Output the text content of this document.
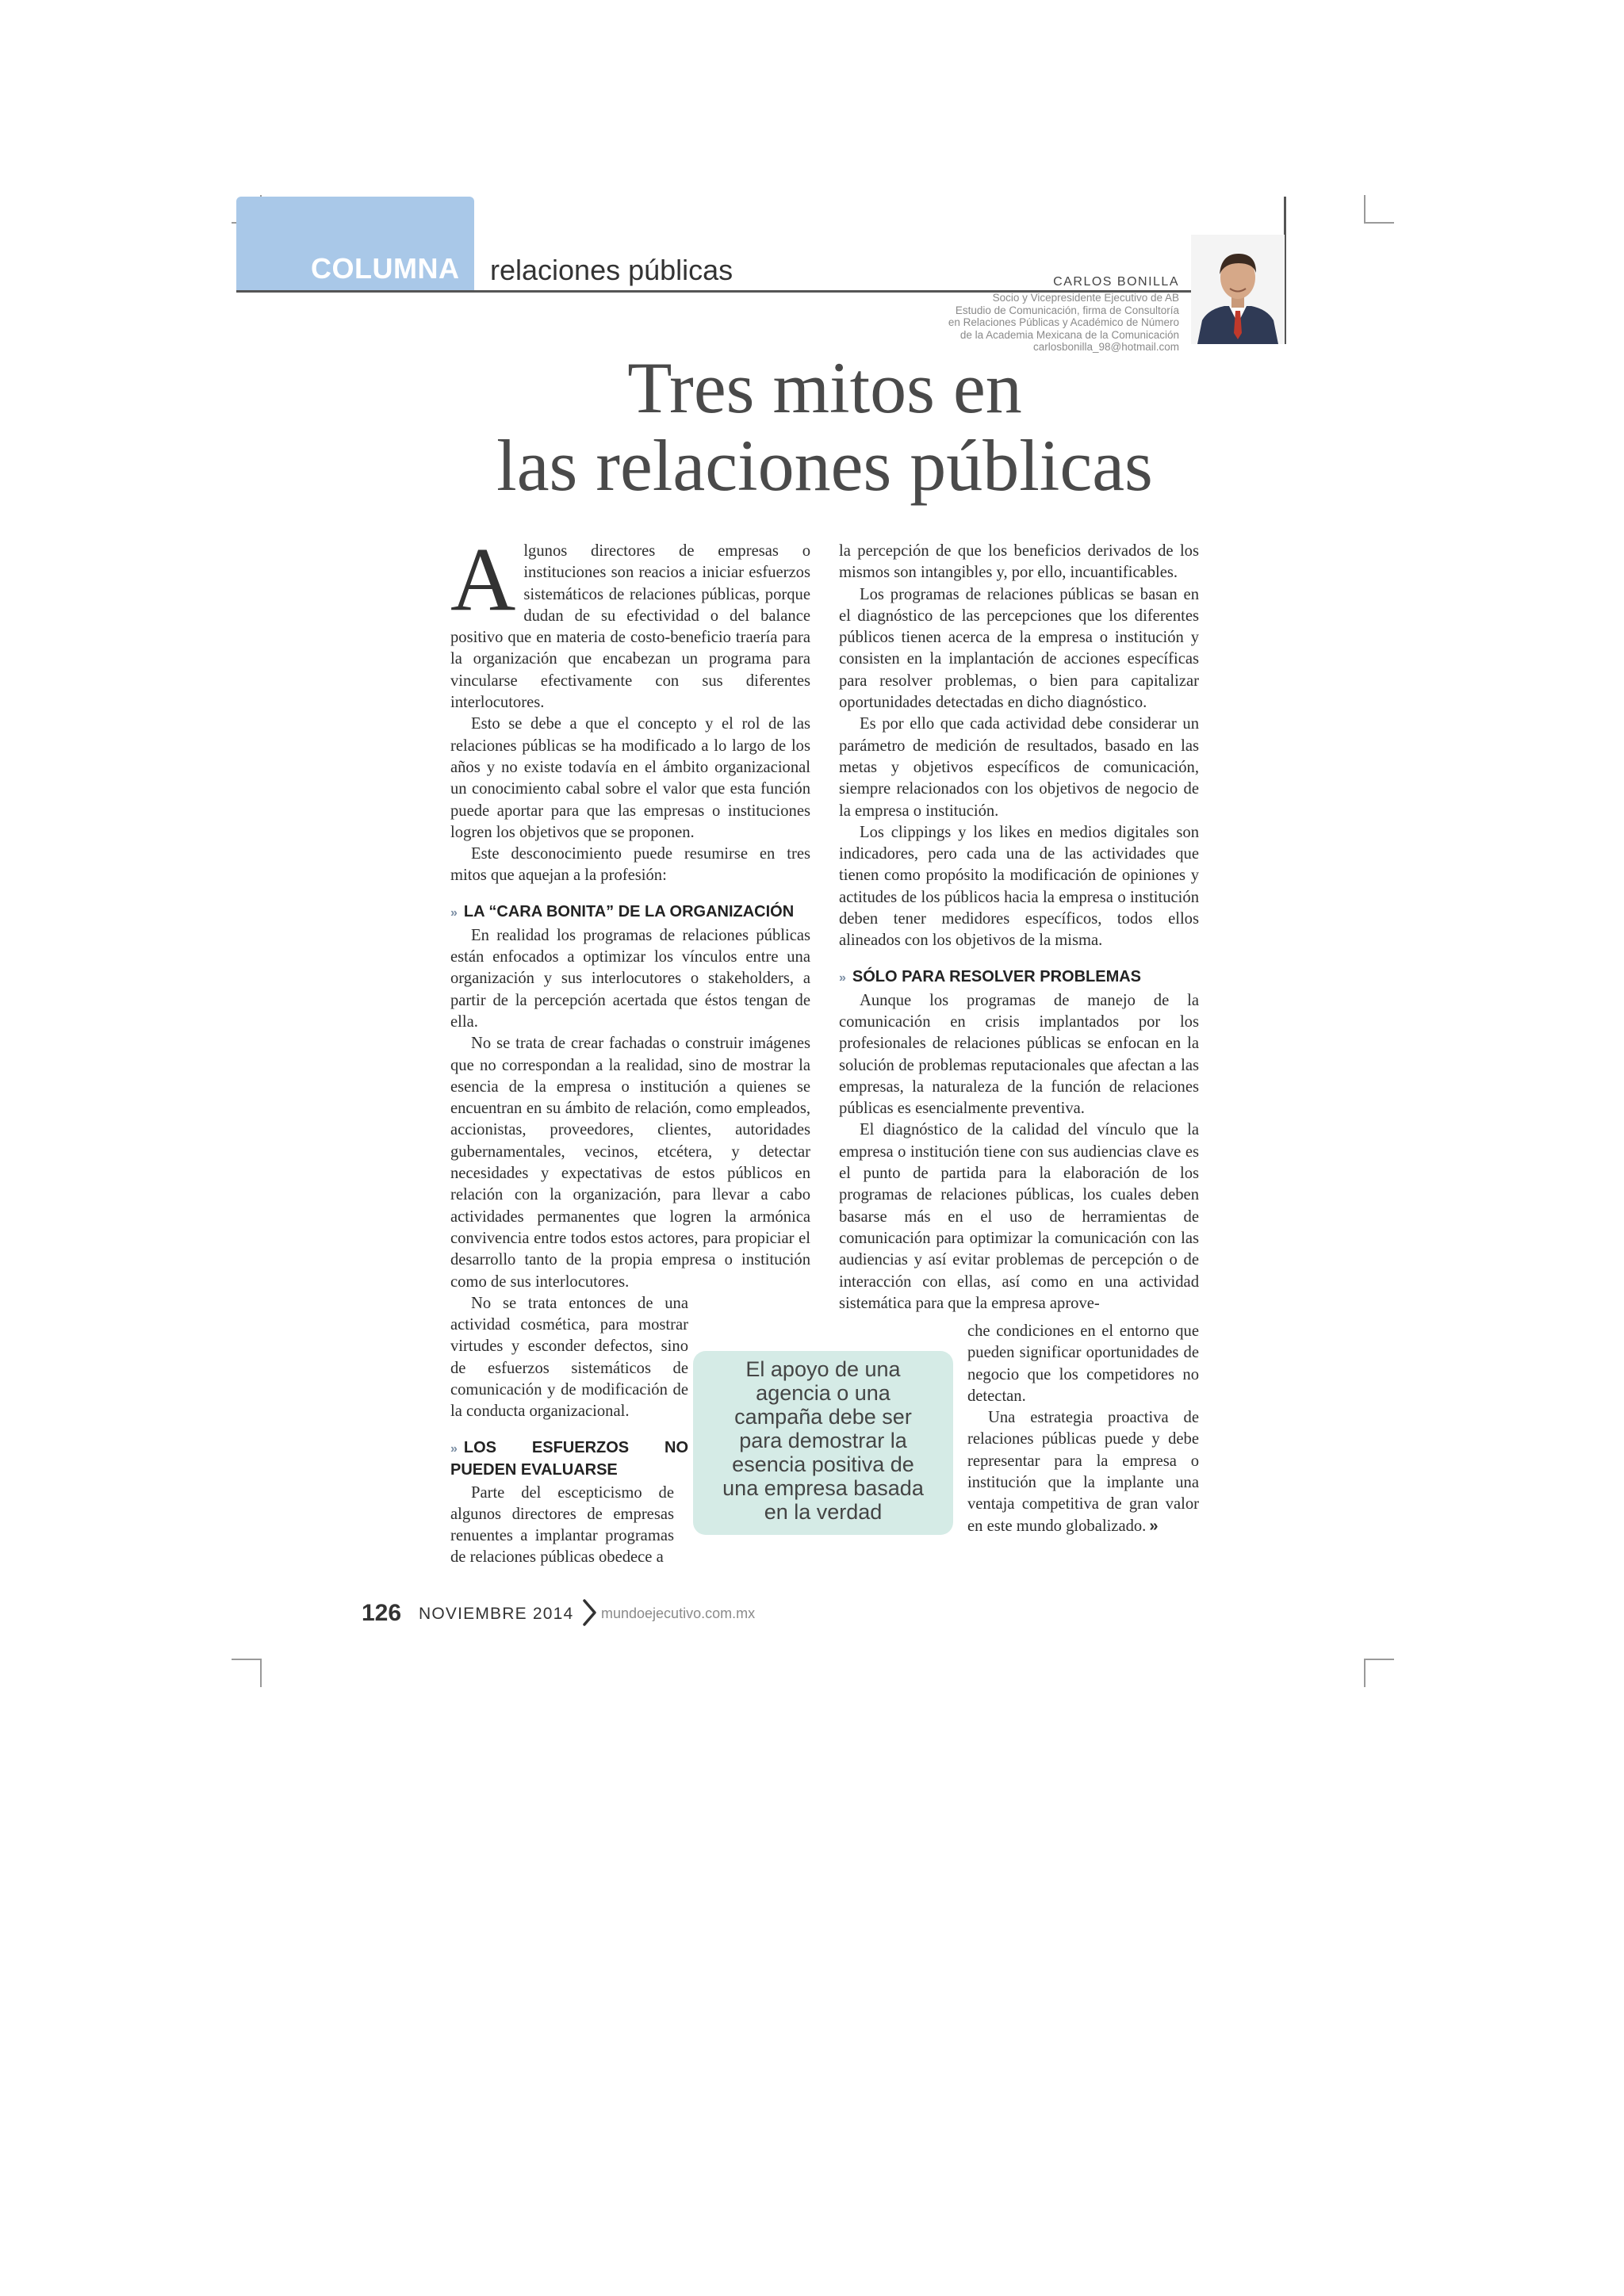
COLUMNA relaciones públicas	CARLOS BONILLA
Socio y Vicepresidente Ejecutivo de AB
Estudio de Comunicación, firma de Consultoría
en Relaciones Públicas y Académico de Número
de la Academia Mexicana de la Comunicación
carlosbonilla_98@hotmail.com
Tres mitos en
las relaciones públicas
A lgunos directores de empresas o instituciones son reacios a iniciar esfuerzos sistemáticos de relaciones públicas, porque dudan de su efectividad o del balance positivo que en materia de costo-beneficio traería para la organización que encabezan un programa para vincularse efectivamente con sus diferentes interlocutores.

Esto se debe a que el concepto y el rol de las relaciones públicas se ha modificado a lo largo de los años y no existe todavía en el ámbito organizacional un conocimiento cabal sobre el valor que esta función puede aportar para que las empresas o instituciones logren los objetivos que se proponen.

Este desconocimiento puede resumirse en tres mitos que aquejan a la profesión:

» LA “CARA BONITA” DE LA ORGANIZACIÓN

En realidad los programas de relaciones públicas están enfocados a optimizar los vínculos entre una organización y sus interlocutores o stakeholders, a partir de la percepción acertada que éstos tengan de ella.

No se trata de crear fachadas o construir imágenes que no correspondan a la realidad, sino de mostrar la esencia de la empresa o institución a quienes se encuentran en su ámbito de relación, como empleados, accionistas, proveedores, clientes, autoridades gubernamentales, vecinos, etcétera, y detectar necesidades y expectativas de estos públicos en relación con la organización, para llevar a cabo actividades permanentes que logren la armónica convivencia entre todos estos actores, para propiciar el desarrollo tanto de la propia empresa o institución como de sus interlocutores.

No se trata entonces de una actividad cosmética, para mostrar virtudes y esconder defectos, sino de esfuerzos sistemáticos de comunicación y de modificación de la conducta organizacional.

» LOS ESFUERZOS NO PUEDEN EVALUARSE

Parte del escepticismo de algunos directores de empresas renuentes a implantar programas de relaciones públicas obedece a

la percepción de que los beneficios derivados de los mismos son intangibles y, por ello, incuantificables.

Los programas de relaciones públicas se basan en el diagnóstico de las percepciones que los diferentes públicos tienen acerca de la empresa o institución y consisten en la implantación de acciones específicas para resolver problemas, o bien para capitalizar oportunidades detectadas en dicho diagnóstico.

Es por ello que cada actividad debe considerar un parámetro de medición de resultados, basado en las metas y objetivos específicos de comunicación, siempre relacionados con los objetivos de negocio de la empresa o institución.

Los clippings y los likes en medios digitales son indicadores, pero cada una de las actividades que tienen como propósito la modificación de opiniones y actitudes de los públicos hacia la empresa o institución deben tener medidores específicos, todos ellos alineados con los objetivos de la misma.

» SÓLO PARA RESOLVER PROBLEMAS

Aunque los programas de manejo de la comunicación en crisis implantados por los profesionales de relaciones públicas se enfocan en la solución de problemas reputacionales que afectan a las empresas, la naturaleza de la función de relaciones públicas es esencialmente preventiva.

El diagnóstico de la calidad del vínculo que la empresa o institución tiene con sus audiencias clave es el punto de partida para la elaboración de los programas de relaciones públicas, los cuales deben basarse más en el uso de herramientas de comunicación para optimizar la comunicación con las audiencias y así evitar problemas de percepción o de interacción con ellas, así como en una actividad sistemática para que la empresa aprove-

che condiciones en el entorno que pueden significar oportunidades de negocio que los competidores no detectan.

Una estrategia proactiva de relaciones públicas puede y debe representar para la empresa o institución que la implante una ventaja competitiva de gran valor en este mundo globalizado. »

El apoyo de una
agencia o una
campaña debe ser
para demostrar la
esencia positiva de
una empresa basada
en la verdad
126 NOVIEMBRE 2014 mundoejecutivo.com.mx
